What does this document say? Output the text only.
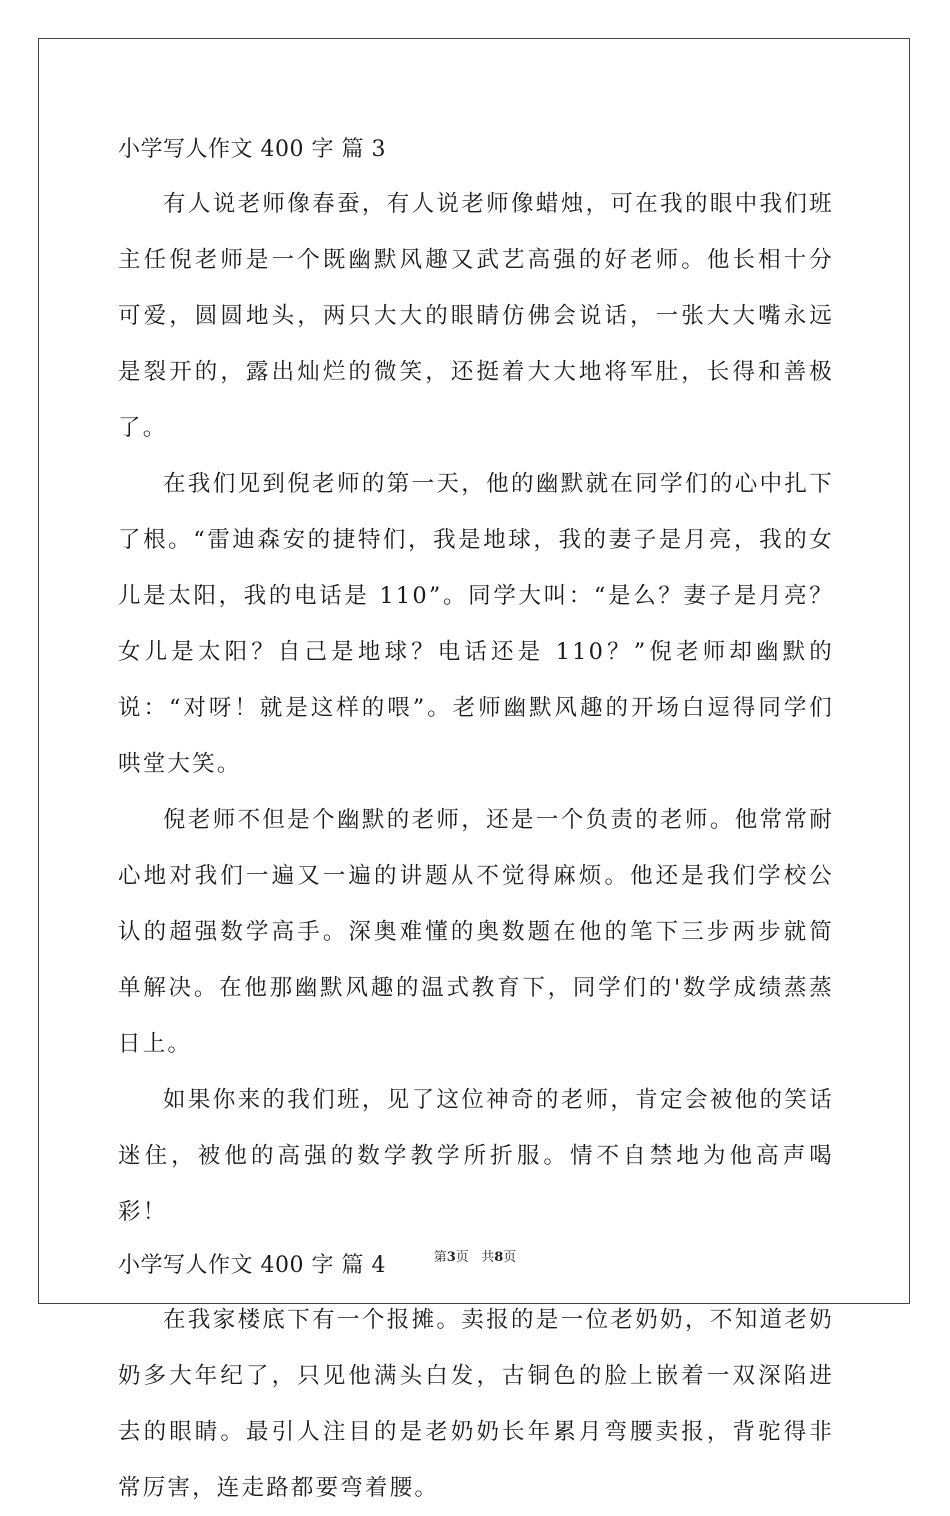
小学写人作文 400 字 篇 3

有人说老师像春蚕，有人说老师像蜡烛，可在我的眼中我们班主任倪老师是一个既幽默风趣又武艺高强的好老师。他长相十分可爱，圆圆地头，两只大大的眼睛仿佛会说话，一张大大嘴永远是裂开的，露出灿烂的微笑，还挺着大大地将军肚，长得和善极了。

在我们见到倪老师的第一天，他的幽默就在同学们的心中扎下了根。“雷迪森安的捷特们，我是地球，我的妻子是月亮，我的女儿是太阳，我的电话是 110”。同学大叫：“是么？妻子是月亮？女儿是太阳？自己是地球？电话还是 110？”倪老师却幽默的说：“对呀！就是这样的喂”。老师幽默风趣的开场白逗得同学们哄堂大笑。

倪老师不但是个幽默的老师，还是一个负责的老师。他常常耐心地对我们一遍又一遍的讲题从不觉得麻烦。他还是我们学校公认的超强数学高手。深奥难懂的奥数题在他的笔下三步两步就简单解决。在他那幽默风趣的温式教育下，同学们的'数学成绩蒸蒸日上。

如果你来的我们班，见了这位神奇的老师，肯定会被他的笑话迷住，被他的高强的数学教学所折服。情不自禁地为他高声喝彩！

小学写人作文 400 字 篇 4

在我家楼底下有一个报摊。卖报的是一位老奶奶，不知道老奶奶多大年纪了，只见他满头白发，古铜色的脸上嵌着一双深陷进去的眼睛。最引人注目的是老奶奶长年累月弯腰卖报，背驼得非常厉害，连走路都要弯着腰。

第3页   共8页
